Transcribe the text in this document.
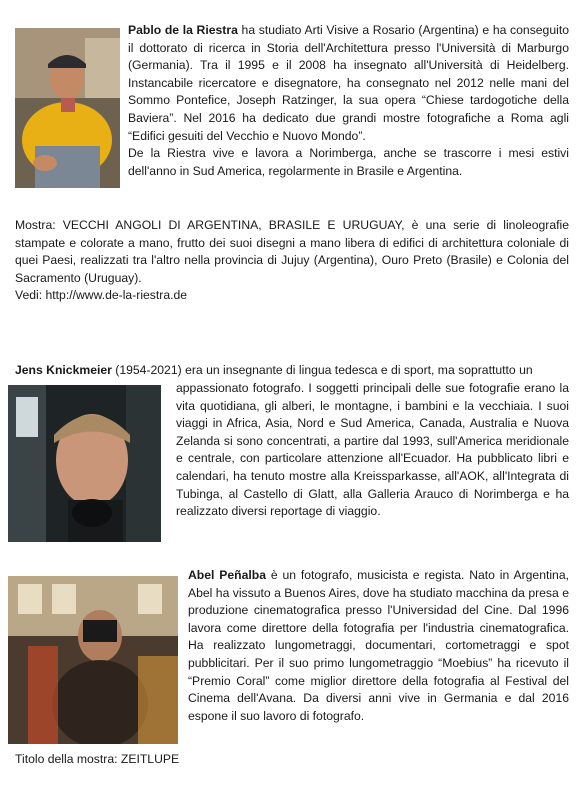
Pablo de la Riestra ha studiato Arti Visive a Rosario (Argentina) e ha conseguito il dottorato di ricerca in Storia dell'Architettura presso l'Università di Marburgo (Germania). Tra il 1995 e il 2008 ha insegnato all'Università di Heidelberg. Instancabile ricercatore e disegnatore, ha consegnato nel 2012 nelle mani del Sommo Pontefice, Joseph Ratzinger, la sua opera “Chiese tardogotiche della Baviera”. Nel 2016 ha dedicato due grandi mostre fotografiche a Roma agli “Edifici gesuiti del Vecchio e Nuovo Mondo”.

De la Riestra vive e lavora a Norimberga, anche se trascorre i mesi estivi dell'anno in Sud America, regolarmente in Brasile e Argentina.

Mostra: VECCHI ANGOLI DI ARGENTINA, BRASILE E URUGUAY, è una serie di linoleografie stampate e colorate a mano, frutto dei suoi disegni a mano libera di edifici di architettura coloniale di quei Paesi, realizzati tra l'altro nella provincia di Jujuy (Argentina), Ouro Preto (Brasile) e Colonia del Sacramento (Uruguay).

Vedi: http://www.de-la-riestra.de

Jens Knickmeier (1954-2021) era un insegnante di lingua tedesca e di sport, ma soprattutto un

appassionato fotografo. I soggetti principali delle sue fotografie erano la vita quotidiana, gli alberi, le montagne, i bambini e la vecchiaia. I suoi viaggi in Africa, Asia, Nord e Sud America, Canada, Australia e Nuova Zelanda si sono concentrati, a partire dal 1993, sull'America meridionale e centrale, con particolare attenzione all'Ecuador. Ha pubblicato libri e calendari, ha tenuto mostre alla Kreissparkasse, all'AOK, all'Integrata di Tubinga, al Castello di Glatt, alla Galleria Arauco di Norimberga e ha realizzato diversi reportage di viaggio.

Abel Peñalba è un fotografo, musicista e regista. Nato in Argentina, Abel ha vissuto a Buenos Aires, dove ha studiato macchina da presa e produzione cinematografica presso l'Universidad del Cine. Dal 1996 lavora come direttore della fotografia per l'industria cinematografica. Ha realizzato lungometraggi, documentari, cortometraggi e spot pubblicitari. Per il suo primo lungometraggio “Moebius” ha ricevuto il “Premio Coral” come miglior direttore della fotografia al Festival del Cinema dell'Avana. Da diversi anni vive in Germania e dal 2016 espone il suo lavoro di fotografo.

Titolo della mostra: ZEITLUPE
